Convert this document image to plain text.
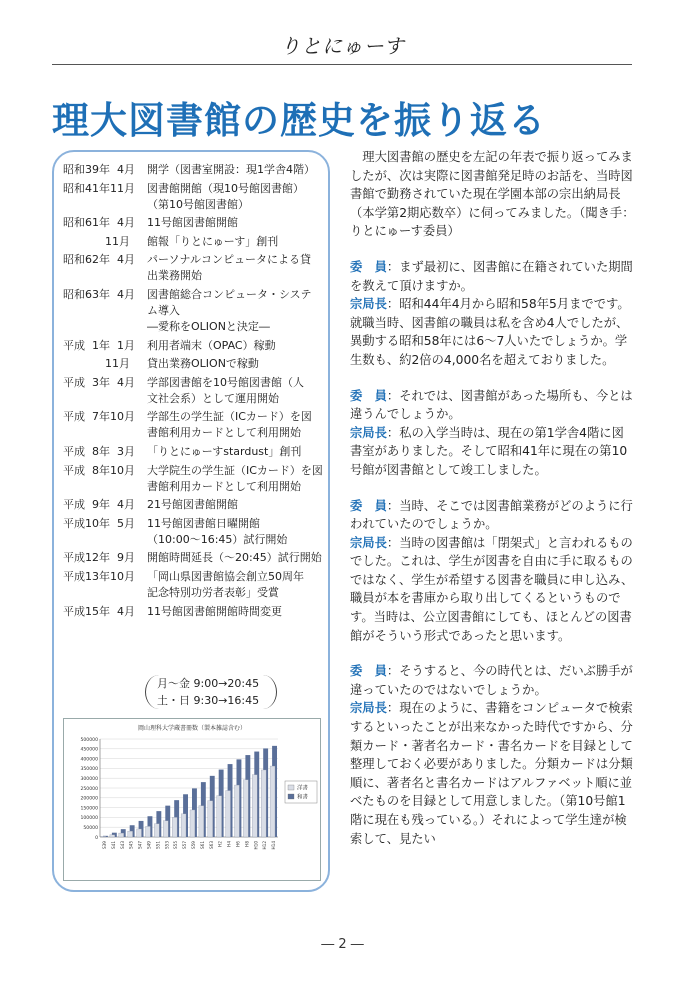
りとにゅーす
理大図書館の歴史を振り返る
昭和39年  4月	開学（図書室開設：現1学舎4階）
昭和41年11月	図書館開館（現10号館図書館）
（第10号館図書館）
昭和61年  4月	11号館図書館開館
11月	館報「りとにゅーす」創刊
昭和62年  4月	パーソナルコンピュータによる貸
出業務開始
昭和63年  4月	図書館総合コンピュータ・システ
ム導入
―愛称をOLIONと決定―
平成  1年  1月	利用者端末（OPAC）稼動
11月	貸出業務OLIONで稼動
平成  3年  4月	学部図書館を10号館図書館（人
文社会系）として運用開始
平成  7年10月	学部生の学生証（ICカード）を図
書館利用カードとして利用開始
平成  8年  3月	「りとにゅーすstardust」創刊
平成  8年10月	大学院生の学生証（ICカード）を図
書館利用カードとして利用開始
平成  9年  4月	21号館図書館開館
平成10年  5月	11号館図書館日曜開館
（10:00〜16:45）試行開始
平成12年  9月	開館時間延長（〜20:45）試行開始
平成13年10月	「岡山県図書館協会創立50周年
記念特別功労者表彰」受賞
平成15年  4月	11号館図書館開館時間変更
月〜金 9:00→20:45
土・日 9:30→16:45
岡山理科大学蔵書冊数（製本雑誌含む）
500000
450000
400000
350000
300000
250000
200000
150000
100000
50000
0
S39 S41 S43 S45 S47 S49 S51 S53 S55 S57 S59 S61 S63 H2 H4 H6 H8 H10 H12 H14
洋書
和書

　理大図書館の歴史を左記の年表で振り返ってみましたが、次は実際に図書館発足時のお話を、当時図書館で勤務されていた現在学園本部の宗出納局長（本学第2期応数卒）に伺ってみました。（聞き手：りとにゅーす委員）

委　員：まず最初に、図書館に在籍されていた期間を教えて頂けますか。

宗局長：昭和44年4月から昭和58年5月までです。就職当時、図書館の職員は私を含め4人でしたが、異動する昭和58年には6〜7人いたでしょうか。学生数も、約2倍の4,000名を超えておりました。

委　員：それでは、図書館があった場所も、今とは違うんでしょうか。

宗局長：私の入学当時は、現在の第1学舎4階に図書室がありました。そして昭和41年に現在の第10号館が図書館として竣工しました。

委　員：当時、そこでは図書館業務がどのように行われていたのでしょうか。

宗局長：当時の図書館は「閉架式」と言われるものでした。これは、学生が図書を自由に手に取るものではなく、学生が希望する図書を職員に申し込み、職員が本を書庫から取り出してくるというものです。当時は、公立図書館にしても、ほとんどの図書館がそういう形式であったと思います。

委　員：そうすると、今の時代とは、だいぶ勝手が違っていたのではないでしょうか。

宗局長：現在のように、書籍をコンピュータで検索するといったことが出来なかった時代ですから、分類カード・著者名カード・書名カードを目録として整理しておく必要がありました。分類カードは分類順に、著者名と書名カードはアルファベット順に並べたものを目録として用意しました。（第10号館1階に現在も残っている。）それによって学生達が検索して、見たい

― 2 ―
